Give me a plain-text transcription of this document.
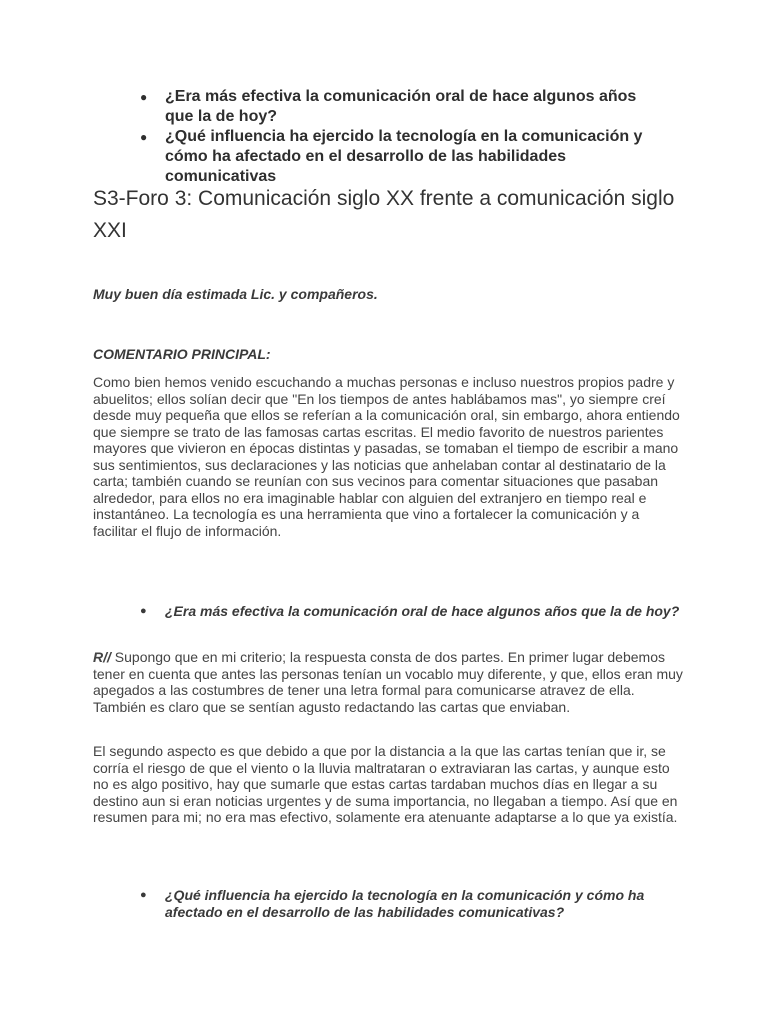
● ¿Era más efectiva la comunicación oral de hace algunos años que la de hoy?
● ¿Qué influencia ha ejercido la tecnología en la comunicación y cómo ha afectado en el desarrollo de las habilidades comunicativas
S3-Foro 3: Comunicación siglo XX frente a comunicación siglo XXI
Muy buen día estimada Lic. y compañeros.
COMENTARIO PRINCIPAL:
Como bien hemos venido escuchando a muchas personas e incluso nuestros propios padre y abuelitos; ellos solían decir que "En los tiempos de antes hablábamos mas", yo siempre creí desde muy pequeña que ellos se referían a la comunicación oral, sin embargo, ahora entiendo que siempre se trato de las famosas cartas escritas. El medio favorito de nuestros parientes mayores que vivieron en épocas distintas y pasadas, se tomaban el tiempo de escribir a mano sus sentimientos, sus declaraciones y las noticias que anhelaban contar al destinatario de la carta; también cuando se reunían con sus vecinos para comentar situaciones que pasaban alrededor, para ellos no era imaginable hablar con alguien del extranjero en tiempo real e instantáneo. La tecnología es una herramienta que vino a fortalecer la comunicación y a facilitar el flujo de información.
● ¿Era más efectiva la comunicación oral de hace algunos años que la de hoy?
R// Supongo que en mi criterio; la respuesta consta de dos partes. En primer lugar debemos tener en cuenta que antes las personas tenían un vocablo muy diferente, y que, ellos eran muy apegados a las costumbres de tener una letra formal para comunicarse atravez de ella. También es claro que se sentían agusto redactando las cartas que enviaban.
El segundo aspecto es que debido a que por la distancia a la que las cartas tenían que ir, se corría el riesgo de que el viento o la lluvia maltrataran o extraviaran las cartas, y aunque esto no es algo positivo, hay que sumarle que estas cartas tardaban muchos días en llegar a su destino aun si eran noticias urgentes y de suma importancia, no llegaban a tiempo. Así que en resumen para mi; no era mas efectivo, solamente era atenuante adaptarse a lo que ya existía.
● ¿Qué influencia ha ejercido la tecnología en la comunicación y cómo ha afectado en el desarrollo de las habilidades comunicativas?
